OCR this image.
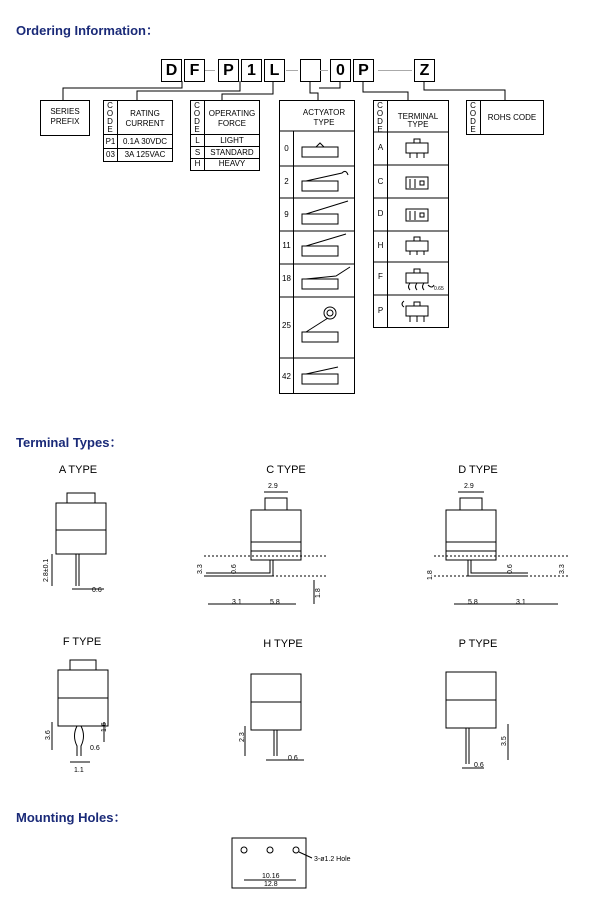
Ordering Information：
D F	P 1 L	0 P	Z
SERIES
PREFIX
C
O
D
E
RATING
CURRENT
P1 0.1A 30VDC
03	3A 125VAC
C
O
D
E
OPERATING
FORCE
L	LIGHT
S	STANDARD
H	HEAVY
ACTYATOR
TYPE
0
2
9
11
18
25
42
C
O
D
E
TERMINAL
TYPE
A
C
D
H
F
P
0.65
C
O
D
E
ROHS CODE
Terminal Types：
A TYPE
2.8±0.1
0.6
C TYPE
2.9
3.3	0.6
3.1	5.8
1.8
D TYPE
2.9
1.8
0.6	3.3
5.8	3.1
F TYPE
3.6
1.6
0.6
1.1
H TYPE
2.3
0.6
P TYPE
3.5
0.6
Mounting Holes：
3-ø1.2 Hole
10.16
12.8
